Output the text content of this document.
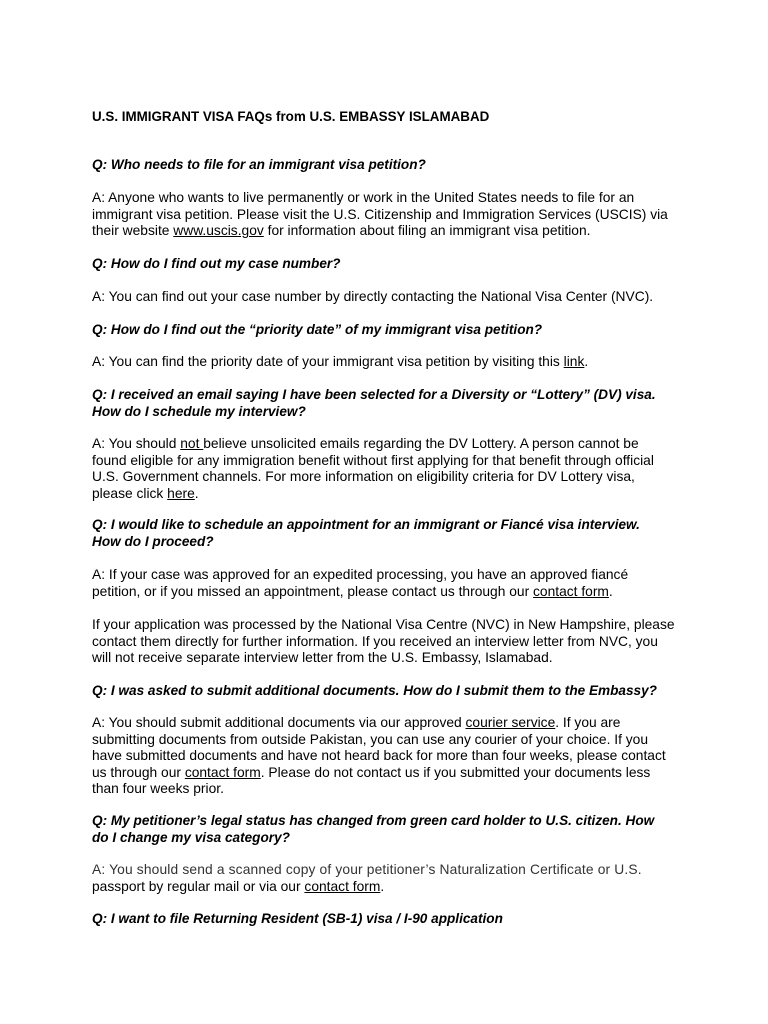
U.S. IMMIGRANT VISA FAQs from U.S. EMBASSY ISLAMABAD

Q: Who needs to file for an immigrant visa petition?

A: Anyone who wants to live permanently or work in the United States needs to file for an
immigrant visa petition. Please visit the U.S. Citizenship and Immigration Services (USCIS) via
their website www.uscis.gov for information about filing an immigrant visa petition.

Q: How do I find out my case number?

A: You can find out your case number by directly contacting the National Visa Center (NVC).

Q: How do I find out the “priority date” of my immigrant visa petition?

A: You can find the priority date of your immigrant visa petition by visiting this link.

Q: I received an email saying I have been selected for a Diversity or “Lottery” (DV) visa.
How do I schedule my interview?

A: You should not believe unsolicited emails regarding the DV Lottery. A person cannot be
found eligible for any immigration benefit without first applying for that benefit through official
U.S. Government channels. For more information on eligibility criteria for DV Lottery visa,
please click here.

Q: I would like to schedule an appointment for an immigrant or Fiancé visa interview.
How do I proceed?

A: If your case was approved for an expedited processing, you have an approved fiancé
petition, or if you missed an appointment, please contact us through our contact form.

If your application was processed by the National Visa Centre (NVC) in New Hampshire, please
contact them directly for further information. If you received an interview letter from NVC, you
will not receive separate interview letter from the U.S. Embassy, Islamabad.

Q: I was asked to submit additional documents. How do I submit them to the Embassy?

A: You should submit additional documents via our approved courier service. If you are
submitting documents from outside Pakistan, you can use any courier of your choice. If you
have submitted documents and have not heard back for more than four weeks, please contact
us through our contact form. Please do not contact us if you submitted your documents less
than four weeks prior.

Q: My petitioner’s legal status has changed from green card holder to U.S. citizen. How
do I change my visa category?

A: You should send a scanned copy of your petitioner’s Naturalization Certificate or U.S.
passport by regular mail or via our contact form.

Q: I want to file Returning Resident (SB-1) visa / I-90 application
